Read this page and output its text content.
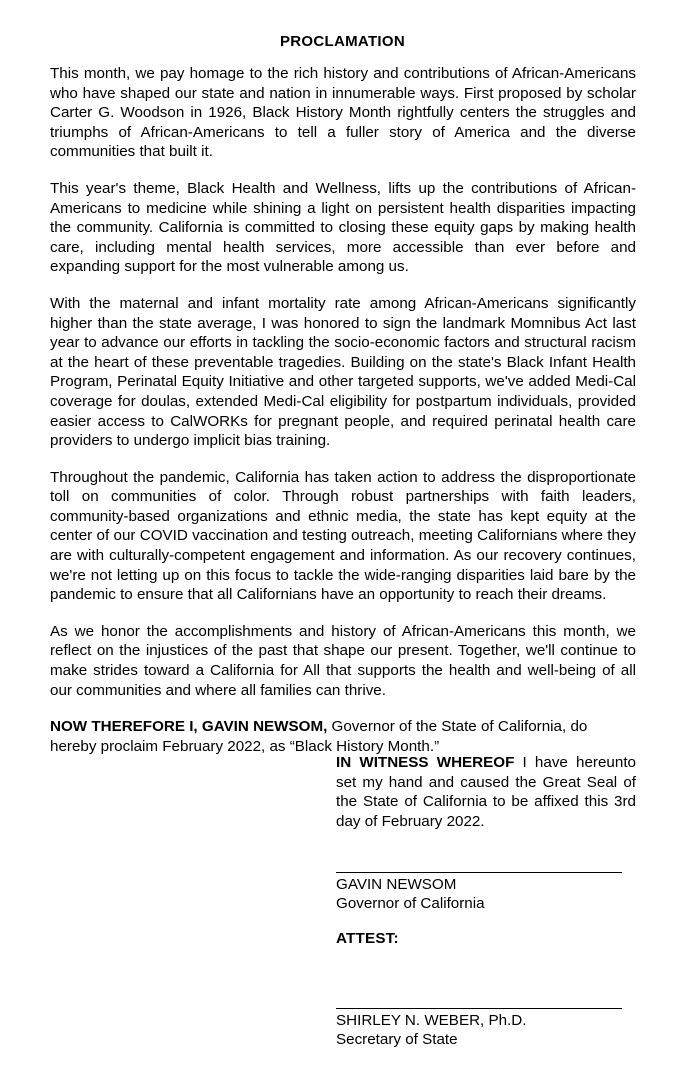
PROCLAMATION

This month, we pay homage to the rich history and contributions of African-Americans who have shaped our state and nation in innumerable ways. First proposed by scholar Carter G. Woodson in 1926, Black History Month rightfully centers the struggles and triumphs of African-Americans to tell a fuller story of America and the diverse communities that built it.

This year's theme, Black Health and Wellness, lifts up the contributions of African-Americans to medicine while shining a light on persistent health disparities impacting the community. California is committed to closing these equity gaps by making health care, including mental health services, more accessible than ever before and expanding support for the most vulnerable among us.

With the maternal and infant mortality rate among African-Americans significantly higher than the state average, I was honored to sign the landmark Momnibus Act last year to advance our efforts in tackling the socio-economic factors and structural racism at the heart of these preventable tragedies. Building on the state's Black Infant Health Program, Perinatal Equity Initiative and other targeted supports, we've added Medi-Cal coverage for doulas, extended Medi-Cal eligibility for postpartum individuals, provided easier access to CalWORKs for pregnant people, and required perinatal health care providers to undergo implicit bias training.

Throughout the pandemic, California has taken action to address the disproportionate toll on communities of color. Through robust partnerships with faith leaders, community-based organizations and ethnic media, the state has kept equity at the center of our COVID vaccination and testing outreach, meeting Californians where they are with culturally-competent engagement and information. As our recovery continues, we're not letting up on this focus to tackle the wide-ranging disparities laid bare by the pandemic to ensure that all Californians have an opportunity to reach their dreams.

As we honor the accomplishments and history of African-Americans this month, we reflect on the injustices of the past that shape our present. Together, we'll continue to make strides toward a California for All that supports the health and well-being of all our communities and where all families can thrive.

NOW THEREFORE I, GAVIN NEWSOM, Governor of the State of California, do hereby proclaim February 2022, as “Black History Month.”

IN WITNESS WHEREOF I have hereunto set my hand and caused the Great Seal of the State of California to be affixed this 3rd day of February 2022.

GAVIN NEWSOM

Governor of California

ATTEST:

SHIRLEY N. WEBER, Ph.D.

Secretary of State
